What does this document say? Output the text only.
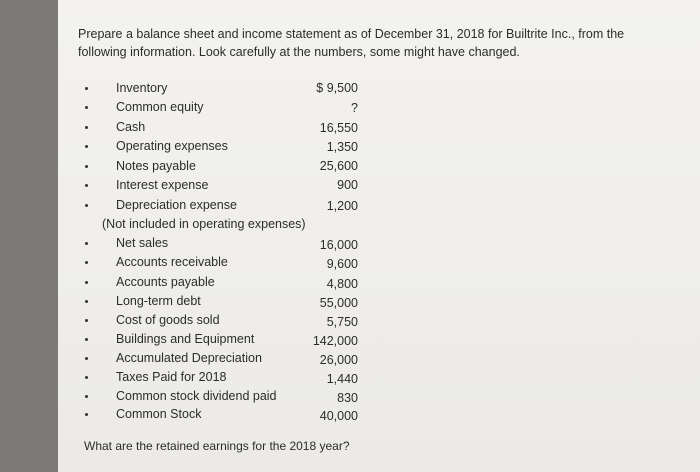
Prepare a balance sheet and income statement as of December 31, 2018 for Builtrite Inc., from the following information. Look carefully at the numbers, some might have changed.
Inventory	$ 9,500
Common equity	?
Cash	16,550
Operating expenses	1,350
Notes payable	25,600
Interest expense	900
Depreciation expense	1,200
Net sales	16,000
Accounts receivable	9,600
Accounts payable	4,800
Long-term debt	55,000
Cost of goods sold	5,750
Buildings and Equipment	142,000
Accumulated Depreciation	26,000
Taxes Paid for 2018	1,440
Common stock dividend paid	830
Common Stock	40,000
(Not included in operating expenses)
What are the retained earnings for the 2018 year?
